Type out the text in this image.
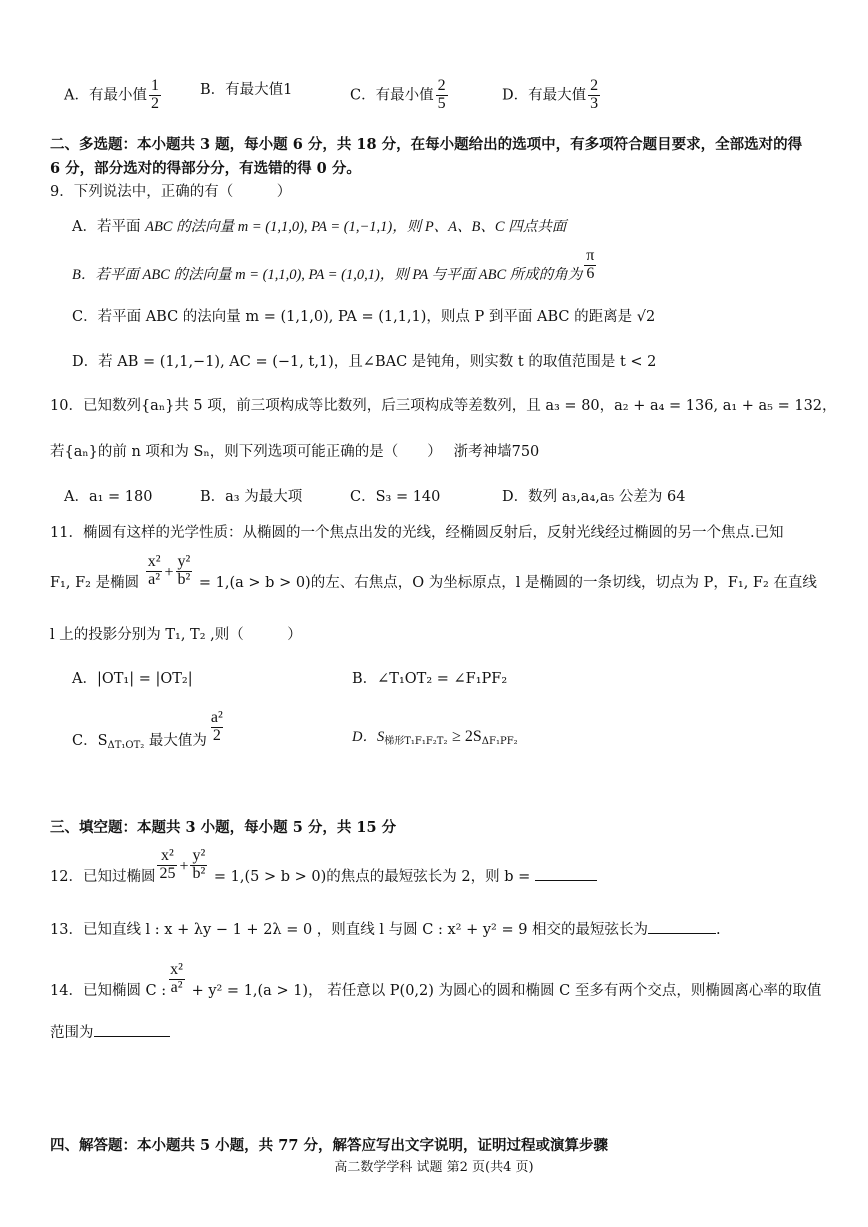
A．有最小值 $\frac{1}{2}$	B．有最大值1	C．有最小值 $\frac{2}{5}$	D．有最大值 $\frac{2}{3}$
二、多选题：本小题共 3 题，每小题 6 分，共 18 分，在每小题给出的选项中，有多项符合题目要求，全部选对的得
6 分，部分选对的得部分分，有选错的得 0 分。
9．下列说法中，正确的有（　　　）
A．若平面 ABC 的法向量 m = (1,1,0), PA = (1,−1,1)，则 P、A、B、C 四点共面
B．若平面 ABC 的法向量 m = (1,1,0), PA = (1,0,1)，则 PA 与平面 ABC 所成的角为 $\frac{\pi}{6}$
C．若平面 ABC 的法向量 m = (1,1,0), PA = (1,1,1)，则点 P 到平面 ABC 的距离是 √2
D．若 AB = (1,1,−1), AC = (−1, t,1)，且∠BAC 是钝角，则实数 t 的取值范围是 t < 2
10．已知数列{aₙ}共 5 项，前三项构成等比数列，后三项构成等差数列，且 a₃ = 80，a₂ + a₄ = 136, a₁ + a₅ = 132，
若{aₙ}的前 n 项和为 Sₙ，则下列选项可能正确的是（　　）　 浙考神墙750
A．a₁ = 180	B．a₃ 为最大项	C．S₃ = 140	D．数列 a₃,a₄,a₅ 公差为 64
11．椭圆有这样的光学性质：从椭圆的一个焦点出发的光线，经椭圆反射后，反射光线经过椭圆的另一个焦点.已知
F₁, F₂ 是椭圆 $\frac{\text{x²}}{\text{a²}} + \frac{\text{y²}}{\text{b²}} = 1,(a > b > 0)$的左、右焦点，O 为坐标原点，l 是椭圆的一条切线，切点为 P，F₁, F₂ 在直线
l 上的投影分别为 T₁, T₂ ,则（　　　）
A．|OT₁| = |OT₂|	B．∠T₁OT₂ = ∠F₁PF₂
C．$S_{\Delta T_1OT_2}$ 最大值为 $\frac{\text{a²}}{2}$	D．$S_{梯形T_1F_1F_2T_2} \ge 2S_{\Delta F_1PF_2}$
三、填空题：本题共 3 小题，每小题 5 分，共 15 分
12．已知过椭圆 $\frac{\text{x²}}{25} + \frac{\text{y²}}{\text{b²}} = 1,(5 > b > 0)$的焦点的最短弦长为 2，则 b =
13．已知直线 l : x + λy − 1 + 2λ = 0 ，则直线 l 与圆 C : x² + y² = 9 相交的最短弦长为	.
14．已知椭圆 C : $\frac{\text{x²}}{\text{a²}} + y^2 = 1,(a > 1)$， 若任意以 P(0,2) 为圆心的圆和椭圆 C 至多有两个交点，则椭圆离心率的取值
范围为
四、解答题：本小题共 5 小题，共 77 分，解答应写出文字说明，证明过程或演算步骤
高二数学学科 试题 第2 页(共4 页)
